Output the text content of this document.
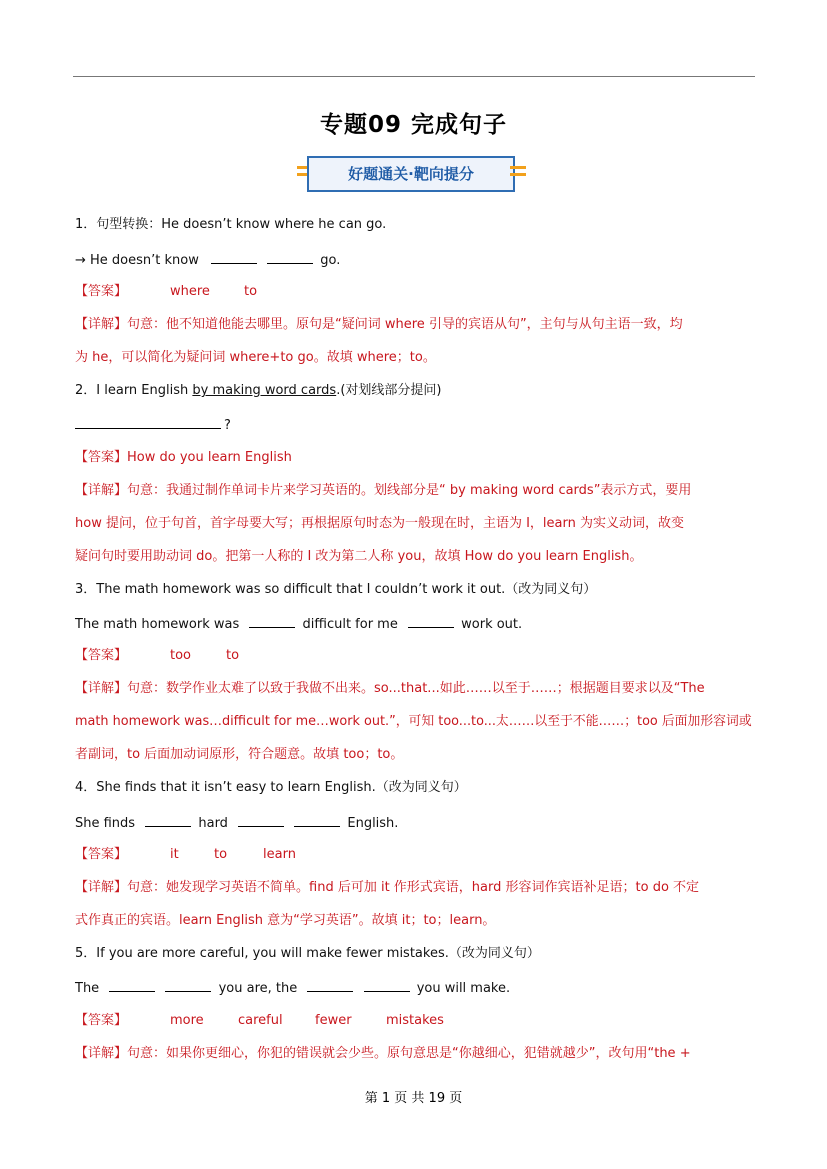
专题09 完成句子
好题通关·靶向提分
1．句型转换：He doesn’t know where he can go.
→ He doesn’t know	go.
【答案】	where	to
【详解】句意：他不知道他能去哪里。原句是“疑问词 where 引导的宾语从句”，主句与从句主语一致，均
为 he，可以简化为疑问词 where+to go。故填 where；to。
2．I learn English by making word cards.(对划线部分提问)
?
【答案】How do you learn English
【详解】句意：我通过制作单词卡片来学习英语的。划线部分是“ by making word cards”表示方式，要用
how 提问，位于句首，首字母要大写；再根据原句时态为一般现在时，主语为 I，learn 为实义动词，故变
疑问句时要用助动词 do。把第一人称的 I 改为第二人称 you，故填 How do you learn English。
3．The math homework was so difficult that I couldn’t work it out.（改为同义句）
The math homework was	difficult for me	work out.
【答案】	too	to
【详解】句意：数学作业太难了以致于我做不出来。so...that...如此……以至于……；根据题目要求以及“The
math homework was…difficult for me…work out.”，可知 too...to...太……以至于不能……；too 后面加形容词或
者副词，to 后面加动词原形，符合题意。故填 too；to。
4．She finds that it isn’t easy to learn English.（改为同义句）
She finds	hard	English.
【答案】	it	to	learn
【详解】句意：她发现学习英语不简单。find 后可加 it 作形式宾语，hard 形容词作宾语补足语；to do 不定
式作真正的宾语。learn English 意为“学习英语”。故填 it；to；learn。
5．If you are more careful, you will make fewer mistakes.（改为同义句）
The	you are, the	you will make.
【答案】	more	careful fewer	mistakes
【详解】句意：如果你更细心，你犯的错误就会少些。原句意思是“你越细心，犯错就越少”，改句用“the +
第 1 页 共 19 页
